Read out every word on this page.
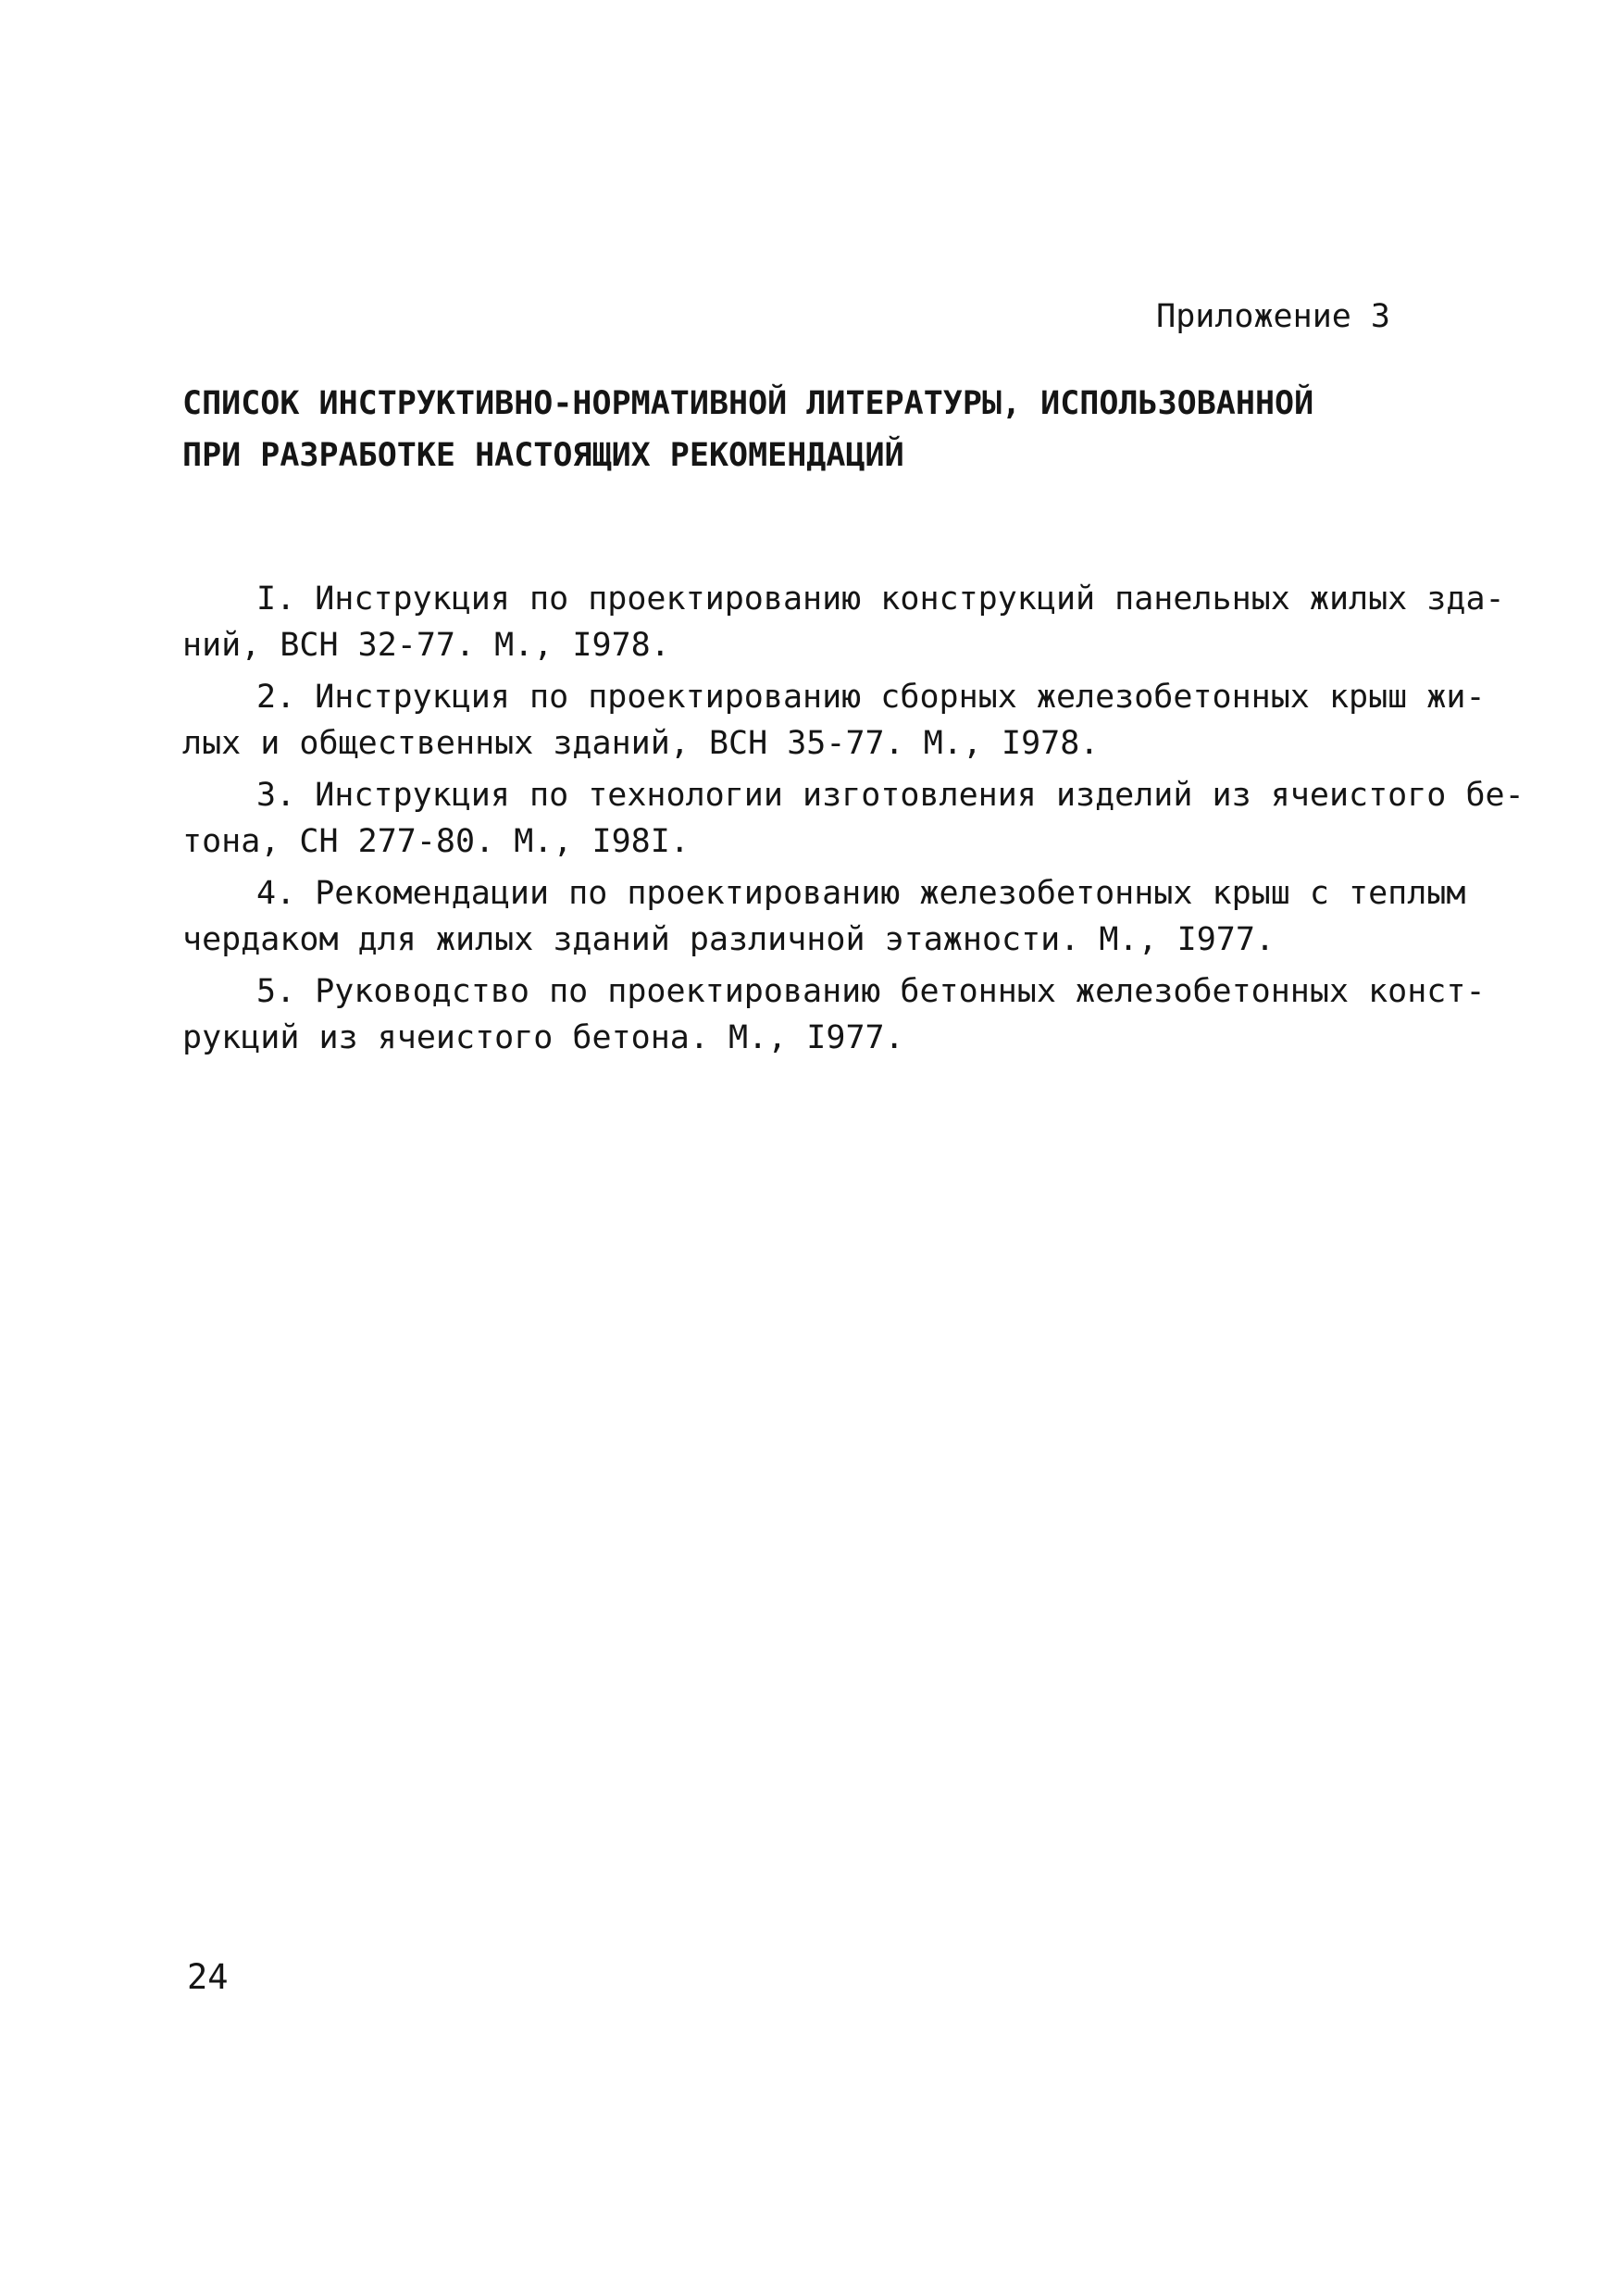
Приложение 3
СПИСОК ИНСТРУКТИВНО-НОРМАТИВНОЙ ЛИТЕРАТУРЫ, ИСПОЛЬЗОВАННОЙ
ПРИ РАЗРАБОТКЕ НАСТОЯЩИХ РЕКОМЕНДАЦИЙ
I. Инструкция по проектированию конструкций панельных жилых зда-
ний, ВСН 32-77. М., I978.
2. Инструкция по проектированию сборных железобетонных крыш жи-
лых и общественных зданий, ВСН 35-77. М., I978.
3. Инструкция по технологии изготовления изделий из ячеистого бе-
тона, СН 277-80. М., I98I.
4. Рекомендации по проектированию железобетонных крыш с теплым
чердаком для жилых зданий различной этажности. М., I977.
5. Руководство по проектированию бетонных железобетонных конст-
рукций из ячеистого бетона. М., I977.
24
